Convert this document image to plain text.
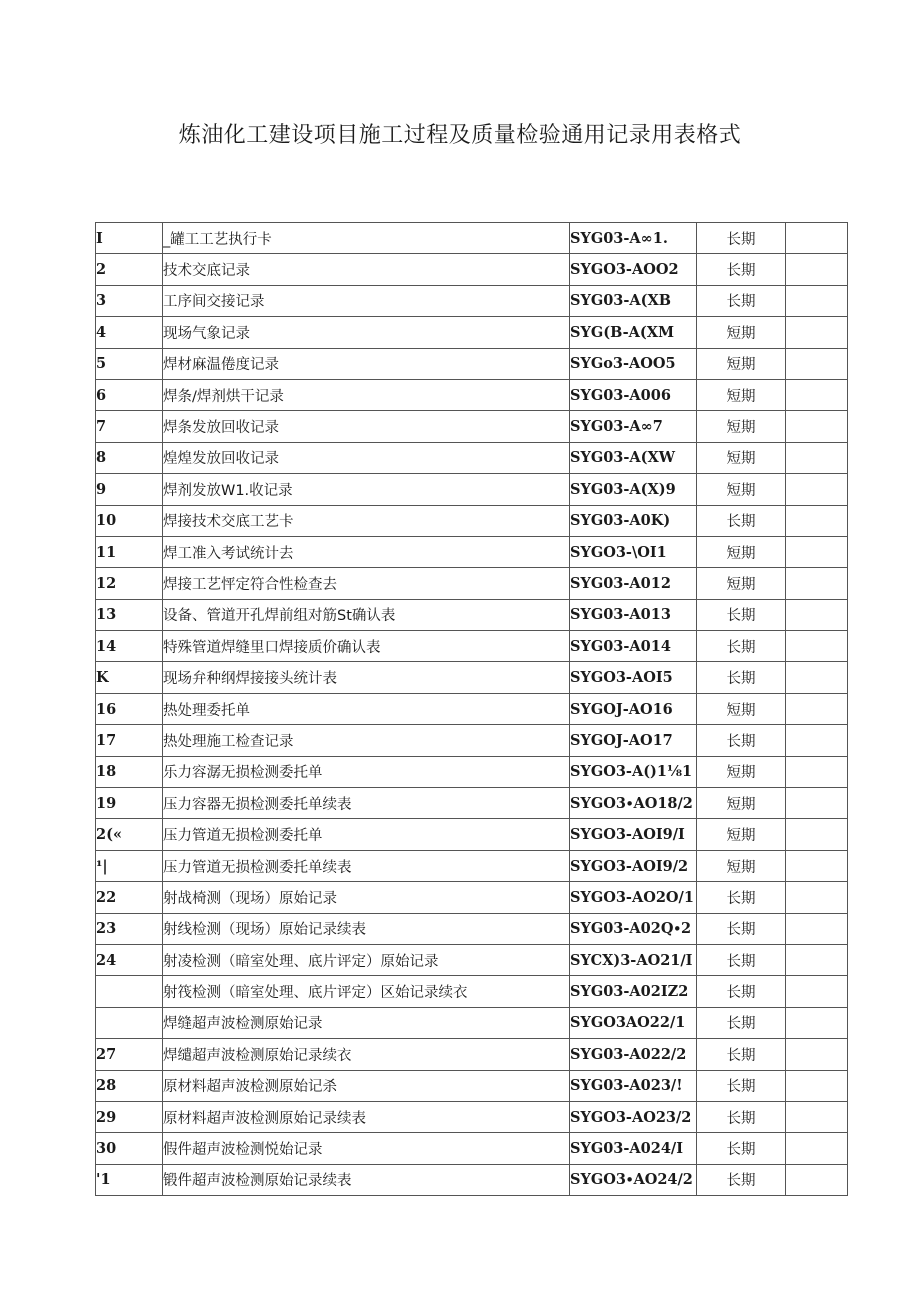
炼油化工建设项目施工过程及质量检验通用记录用表格式
I	_罐工工艺执行卡	SYG03-A∞1.	长期	
2	技术交底记录	SYGO3-AOO2	长期	
3	工序间交接记录	SYG03-A(XB	长期	
4	现场气象记录	SYG(B-A(XM	短期	
5	焊材麻温倦度记录	SYGo3-AOO5	短期	
6	焊条/焊剂烘干记录	SYG03-A006	短期	
7	焊条发放回收记录	SYG03-A∞7	短期	
8	煌煌发放回收记录	SYG03-A(XW	短期	
9	焊剂发放W1.收记录	SYG03-A(X)9	短期	
10	焊接技术交底工艺卡	SYG03-A0K)	长期	
11	焊工准入考试统计去	SYGO3-\OI1	短期	
12	焊接工艺怦定符合性检查去	SYG03-A012	短期	
13	设备、管道开孔焊前组对筋St确认表	SYG03-A013	长期	
14	特殊管道焊缝里口焊接质价确认表	SYG03-A014	长期	
K	现场弁种纲焊接接头统计表	SYGO3-AOI5	长期	
16	热处理委托单	SYGOJ-AO16	短期	
17	热处理施工检查记录	SYGOJ-AO17	长期	
18	乐力容潺无损检测委托单	SYGO3-A()1⅛1	短期	
19	压力容器无损检测委托单续表	SYGO3∙AO18∕2	短期	
2(«	压力管道无损检测委托单	SYGO3-AOI9/I	短期	
¹|	压力管道无损检测委托单续表	SYGO3-AOI9/2	短期	
22	射战椅测（现场）原始记录	SYGO3-AO2O/1	长期	
23	射线检测（现场）原始记录续表	SYG03-A02Q∙2	长期	
24	射凌检测（暗室处理、底片评定）原始记录	SYCX)3-AO21∕I	长期	
	射筏检测（暗室处理、底片评定）区始记录续衣	SYG03-A02IZ2	长期	
	焊缝超声波检测原始记录	SYGO3AO22/1	长期	
27	焊缱超声波检测原始记录续衣	SYG03-A022/2	长期	
28	原材料超声波检测原始记杀	SYG03-A023/!	长期	
29	原材料超声波检测原始记录续表	SYGO3-AO23/2	长期	
30	假件超声波检测悦始记录	SYG03-A024/I	长期	
'1	锻件超声波检测原始记录续表	SYGO3∙AO24∕2	长期	
